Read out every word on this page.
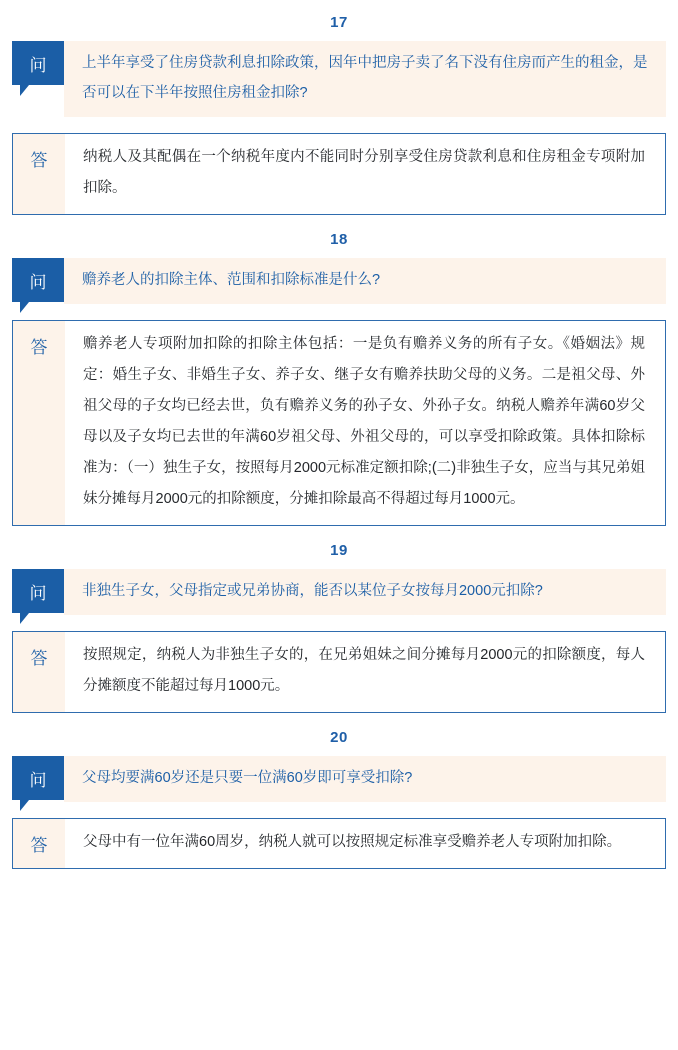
17
问	上半年享受了住房贷款利息扣除政策，因年中把房子卖了名下没有住房而产生的租金，是否可以在下半年按照住房租金扣除?
答	纳税人及其配偶在一个纳税年度内不能同时分别享受住房贷款利息和住房租金专项附加扣除。
18
问	赡养老人的扣除主体、范围和扣除标准是什么?
答	赡养老人专项附加扣除的扣除主体包括：一是负有赡养义务的所有子女。《婚姻法》规定：婚生子女、非婚生子女、养子女、继子女有赡养扶助父母的义务。二是祖父母、外祖父母的子女均已经去世，负有赡养义务的孙子女、外孙子女。纳税人赡养年满60岁父母以及子女均已去世的年满60岁祖父母、外祖父母的，可以享受扣除政策。具体扣除标准为：（一）独生子女，按照每月2000元标准定额扣除;(二)非独生子女，应当与其兄弟姐妹分摊每月2000元的扣除额度，分摊扣除最高不得超过每月1000元。
19
问	非独生子女，父母指定或兄弟协商，能否以某位子女按每月2000元扣除?
答	按照规定，纳税人为非独生子女的，在兄弟姐妹之间分摊每月2000元的扣除额度，每人分摊额度不能超过每月1000元。
20
问	父母均要满60岁还是只要一位满60岁即可享受扣除?
答	父母中有一位年满60周岁，纳税人就可以按照规定标准享受赡养老人专项附加扣除。
